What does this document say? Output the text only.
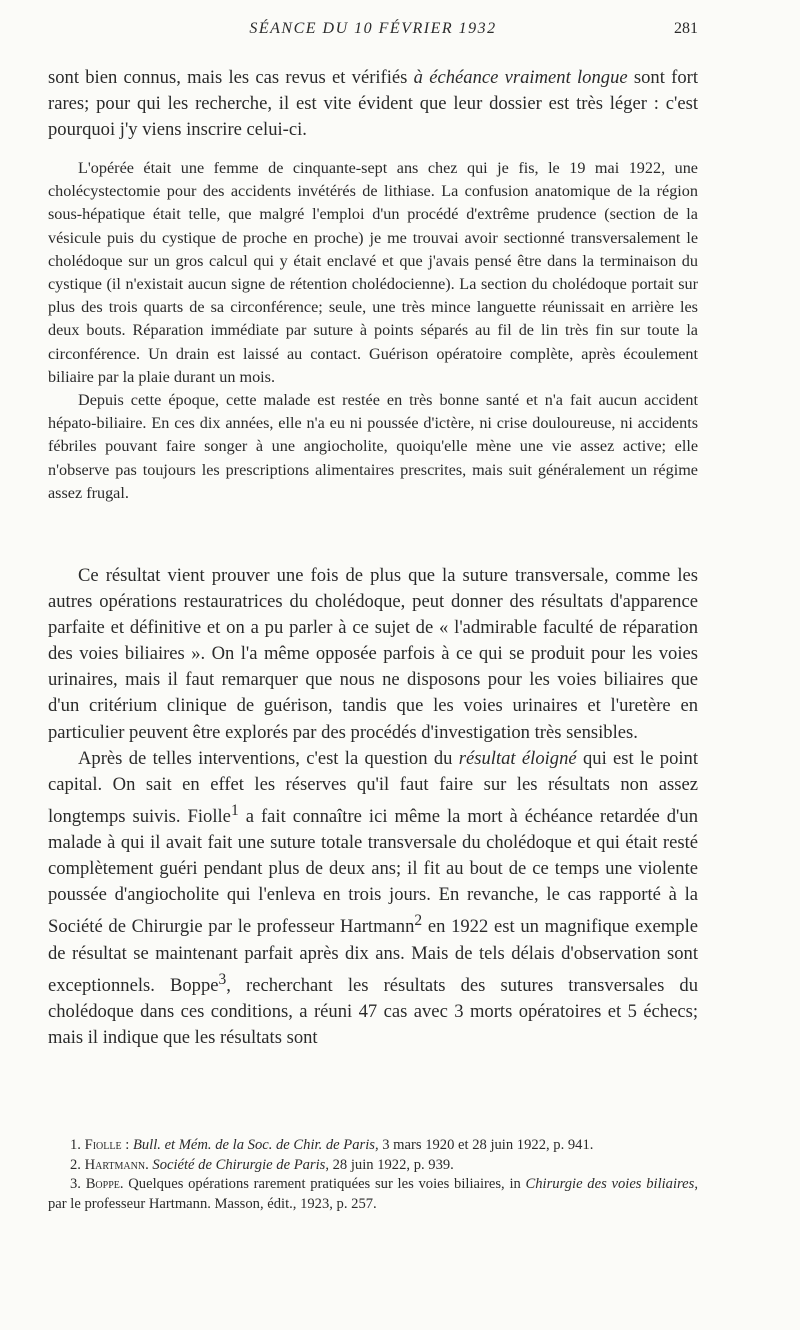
SÉANCE DU 10 FÉVRIER 1932	281

sont bien connus, mais les cas revus et vérifiés à échéance vraiment longue sont fort rares; pour qui les recherche, il est vite évident que leur dossier est très léger : c'est pourquoi j'y viens inscrire celui-ci.

L'opérée était une femme de cinquante-sept ans chez qui je fis, le 19 mai 1922, une cholécystectomie pour des accidents invétérés de lithiase. La confusion anatomique de la région sous-hépatique était telle, que malgré l'emploi d'un procédé d'extrême prudence (section de la vésicule puis du cystique de proche en proche) je me trouvai avoir sectionné transversalement le cholédoque sur un gros calcul qui y était enclavé et que j'avais pensé être dans la terminaison du cystique (il n'existait aucun signe de rétention cholédocienne). La section du cholédoque portait sur plus des trois quarts de sa circonférence; seule, une très mince languette réunissait en arrière les deux bouts. Réparation immédiate par suture à points séparés au fil de lin très fin sur toute la circonférence. Un drain est laissé au contact. Guérison opératoire complète, après écoulement biliaire par la plaie durant un mois.

Depuis cette époque, cette malade est restée en très bonne santé et n'a fait aucun accident hépato-biliaire. En ces dix années, elle n'a eu ni poussée d'ictère, ni crise douloureuse, ni accidents fébriles pouvant faire songer à une angiocholite, quoiqu'elle mène une vie assez active; elle n'observe pas toujours les prescriptions alimentaires prescrites, mais suit généralement un régime assez frugal.

Ce résultat vient prouver une fois de plus que la suture transversale, comme les autres opérations restauratrices du cholédoque, peut donner des résultats d'apparence parfaite et définitive et on a pu parler à ce sujet de « l'admirable faculté de réparation des voies biliaires ». On l'a même opposée parfois à ce qui se produit pour les voies urinaires, mais il faut remarquer que nous ne disposons pour les voies biliaires que d'un critérium clinique de guérison, tandis que les voies urinaires et l'uretère en particulier peuvent être explorés par des procédés d'investigation très sensibles.

Après de telles interventions, c'est la question du résultat éloigné qui est le point capital. On sait en effet les réserves qu'il faut faire sur les résultats non assez longtemps suivis. Fiolle$^1$ a fait connaître ici même la mort à échéance retardée d'un malade à qui il avait fait une suture totale transversale du cholédoque et qui était resté complètement guéri pendant plus de deux ans; il fit au bout de ce temps une violente poussée d'angiocholite qui l'enleva en trois jours. En revanche, le cas rapporté à la Société de Chirurgie par le professeur Hartmann$^2$ en 1922 est un magnifique exemple de résultat se maintenant parfait après dix ans. Mais de tels délais d'observation sont exceptionnels. Boppe$^3$, recherchant les résultats des sutures transversales du cholédoque dans ces conditions, a réuni 47 cas avec 3 morts opératoires et 5 échecs; mais il indique que les résultats sont

1. Fiolle : Bull. et Mém. de la Soc. de Chir. de Paris, 3 mars 1920 et 28 juin 1922, p. 941.

2. Hartmann. Société de Chirurgie de Paris, 28 juin 1922, p. 939.

3. Boppe. Quelques opérations rarement pratiquées sur les voies biliaires, in Chirurgie des voies biliaires, par le professeur Hartmann. Masson, édit., 1923, p. 257.
